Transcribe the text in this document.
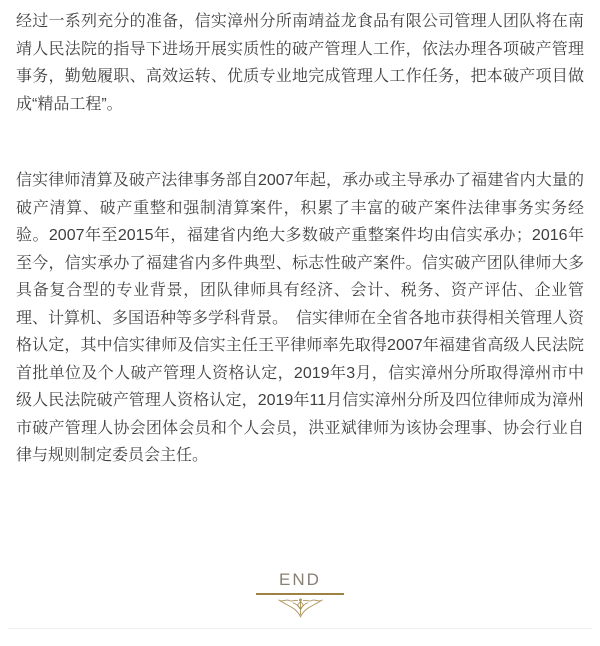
经过一系列充分的准备，信实漳州分所南靖益龙食品有限公司管理人团队将在南靖人民法院的指导下进场开展实质性的破产管理人工作，依法办理各项破产管理事务，勤勉履职、高效运转、优质专业地完成管理人工作任务，把本破产项目做成“精品工程”。

信实律师清算及破产法律事务部自2007年起，承办或主导承办了福建省内大量的破产清算、破产重整和强制清算案件，积累了丰富的破产案件法律事务实务经验。2007年至2015年，福建省内绝大多数破产重整案件均由信实承办；2016年至今，信实承办了福建省内多件典型、标志性破产案件。信实破产团队律师大多具备复合型的专业背景，团队律师具有经济、会计、税务、资产评估、企业管理、计算机、多国语种等多学科背景。　信实律师在全省各地市获得相关管理人资格认定，其中信实律师及信实主任王平律师率先取得2007年福建省高级人民法院首批单位及个人破产管理人资格认定，2019年3月，信实漳州分所取得漳州市中级人民法院破产管理人资格认定，2019年11月信实漳州分所及四位律师成为漳州市破产管理人协会团体会员和个人会员，洪亚斌律师为该协会理事、协会行业自律与规则制定委员会主任。

END
